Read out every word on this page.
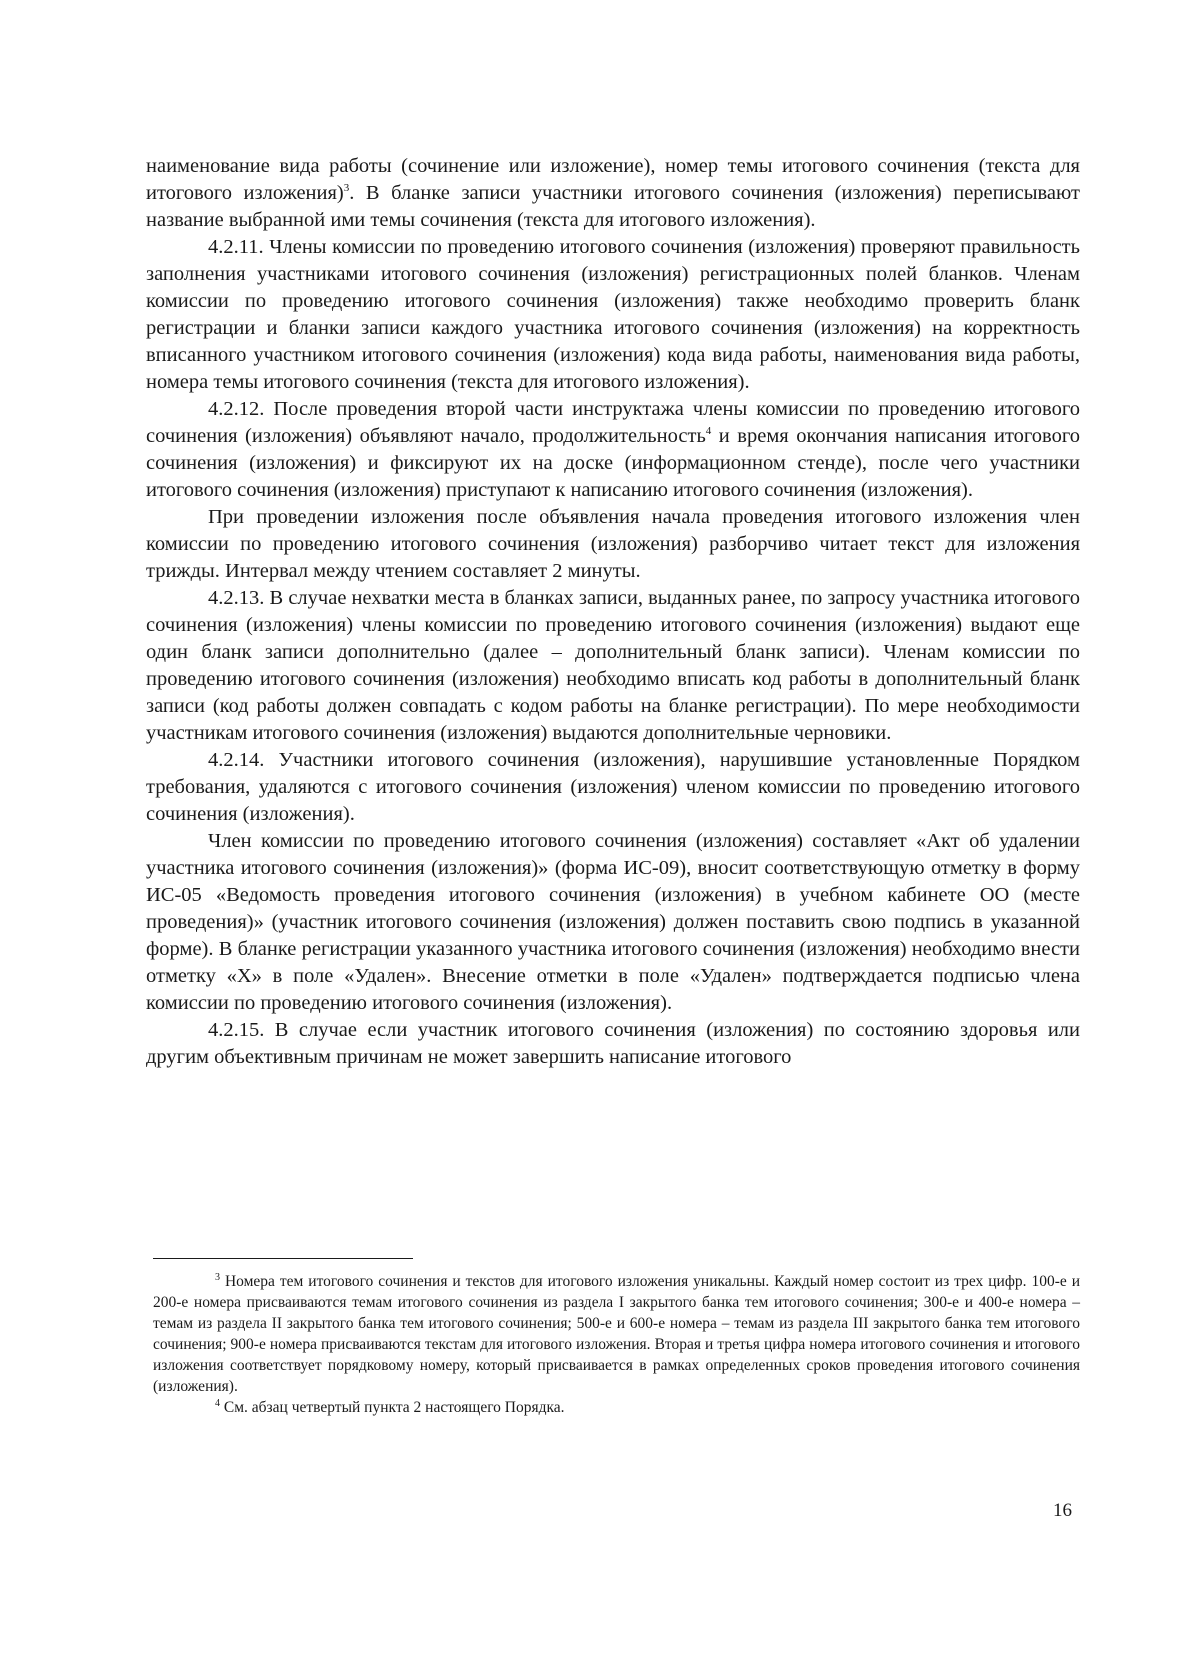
наименование вида работы (сочинение или изложение), номер темы итогового сочинения (текста для итогового изложения)$^3$. В бланке записи участники итогового сочинения (изложения) переписывают название выбранной ими темы сочинения (текста для итогового изложения).

4.2.11. Члены комиссии по проведению итогового сочинения (изложения) проверяют правильность заполнения участниками итогового сочинения (изложения) регистрационных полей бланков. Членам комиссии по проведению итогового сочинения (изложения) также необходимо проверить бланк регистрации и бланки записи каждого участника итогового сочинения (изложения) на корректность вписанного участником итогового сочинения (изложения) кода вида работы, наименования вида работы, номера темы итогового сочинения (текста для итогового изложения).

4.2.12. После проведения второй части инструктажа члены комиссии по проведению итогового сочинения (изложения) объявляют начало, продолжительность$^4$ и время окончания написания итогового сочинения (изложения) и фиксируют их на доске (информационном стенде), после чего участники итогового сочинения (изложения) приступают к написанию итогового сочинения (изложения).

При проведении изложения после объявления начала проведения итогового изложения член комиссии по проведению итогового сочинения (изложения) разборчиво читает текст для изложения трижды. Интервал между чтением составляет 2 минуты.

4.2.13. В случае нехватки места в бланках записи, выданных ранее, по запросу участника итогового сочинения (изложения) члены комиссии по проведению итогового сочинения (изложения) выдают еще один бланк записи дополнительно (далее – дополнительный бланк записи). Членам комиссии по проведению итогового сочинения (изложения) необходимо вписать код работы в дополнительный бланк записи (код работы должен совпадать с кодом работы на бланке регистрации). По мере необходимости участникам итогового сочинения (изложения) выдаются дополнительные черновики.

4.2.14. Участники итогового сочинения (изложения), нарушившие установленные Порядком требования, удаляются с итогового сочинения (изложения) членом комиссии по проведению итогового сочинения (изложения).

Член комиссии по проведению итогового сочинения (изложения) составляет «Акт об удалении участника итогового сочинения (изложения)» (форма ИС-09), вносит соответствующую отметку в форму ИС-05 «Ведомость проведения итогового сочинения (изложения) в учебном кабинете ОО (месте проведения)» (участник итогового сочинения (изложения) должен поставить свою подпись в указанной форме). В бланке регистрации указанного участника итогового сочинения (изложения) необходимо внести отметку «Х» в поле «Удален». Внесение отметки в поле «Удален» подтверждается подписью члена комиссии по проведению итогового сочинения (изложения).

4.2.15. В случае если участник итогового сочинения (изложения) по состоянию здоровья или другим объективным причинам не может завершить написание итогового

$^3$ Номера тем итогового сочинения и текстов для итогового изложения уникальны. Каждый номер состоит из трех цифр. 100-е и 200-е номера присваиваются темам итогового сочинения из раздела I закрытого банка тем итогового сочинения; 300-е и 400-е номера – темам из раздела II закрытого банка тем итогового сочинения; 500-е и 600-е номера – темам из раздела III закрытого банка тем итогового сочинения; 900-е номера присваиваются текстам для итогового изложения. Вторая и третья цифра номера итогового сочинения и итогового изложения соответствует порядковому номеру, который присваивается в рамках определенных сроков проведения итогового сочинения (изложения).

$^4$ См. абзац четвертый пункта 2 настоящего Порядка.

16
